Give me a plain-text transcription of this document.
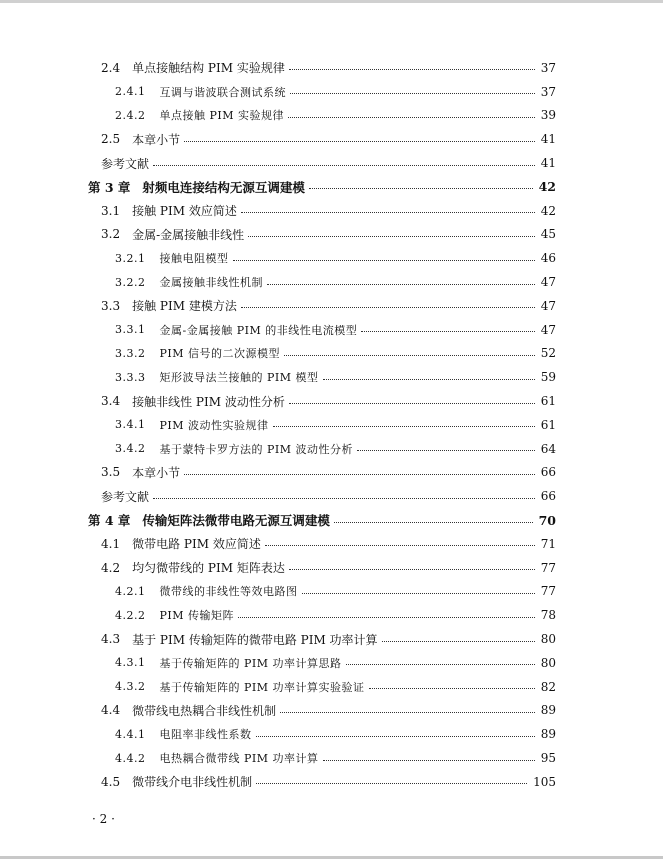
2.4 单点接触结构 PIM 实验规律	37
2.4.1 互调与谐波联合测试系统	37
2.4.2 单点接触 PIM 实验规律	39
2.5 本章小节	41
参考文献	41
第 3 章 射频电连接结构无源互调建模	42
3.1 接触 PIM 效应简述	42
3.2 金属-金属接触非线性	45
3.2.1 接触电阻模型	46
3.2.2 金属接触非线性机制	47
3.3 接触 PIM 建模方法	47
3.3.1 金属-金属接触 PIM 的非线性电流模型	47
3.3.2 PIM 信号的二次源模型	52
3.3.3 矩形波导法兰接触的 PIM 模型	59
3.4 接触非线性 PIM 波动性分析	61
3.4.1 PIM 波动性实验规律	61
3.4.2 基于蒙特卡罗方法的 PIM 波动性分析	64
3.5 本章小节	66
参考文献	66
第 4 章 传输矩阵法微带电路无源互调建模	70
4.1 微带电路 PIM 效应简述	71
4.2 均匀微带线的 PIM 矩阵表达	77
4.2.1 微带线的非线性等效电路图	77
4.2.2 PIM 传输矩阵	78
4.3 基于 PIM 传输矩阵的微带电路 PIM 功率计算	80
4.3.1 基于传输矩阵的 PIM 功率计算思路	80
4.3.2 基于传输矩阵的 PIM 功率计算实验验证	82
4.4 微带线电热耦合非线性机制	89
4.4.1 电阻率非线性系数	89
4.4.2 电热耦合微带线 PIM 功率计算	95
4.5 微带线介电非线性机制	105
· 2 ·
